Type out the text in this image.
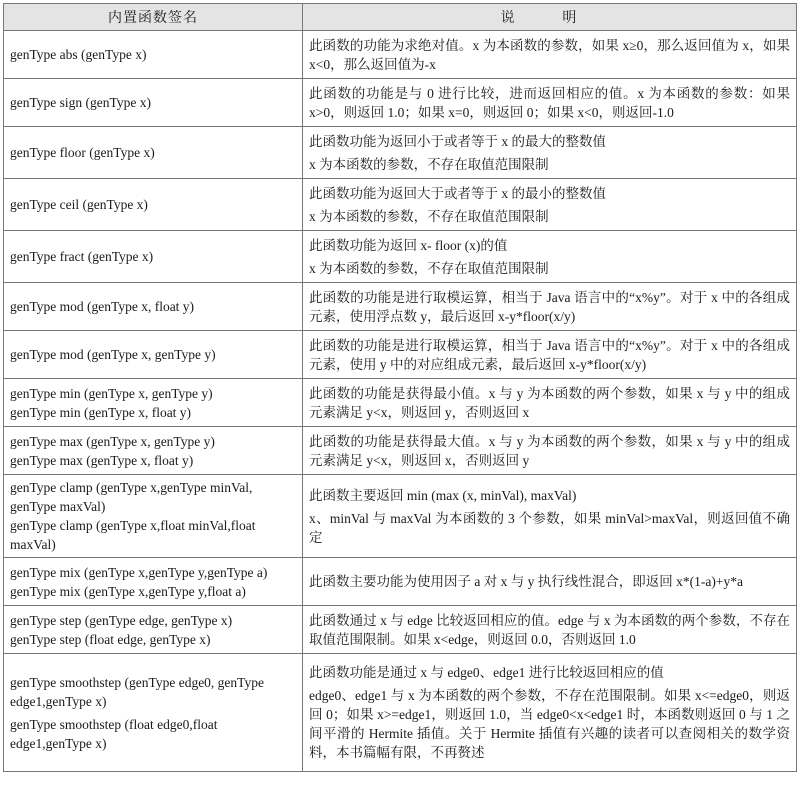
内置函数签名	说 明

genType abs (genType x)	此函数的功能为求绝对值。x 为本函数的参数，如果 x≥0，那么返回值为 x，如果 x<0，那么返回值为-x

genType sign (genType x)	此函数的功能是与 0 进行比较，进而返回相应的值。x 为本函数的参数：如果 x>0，则返回 1.0；如果 x=0，则返回 0；如果 x<0，则返回-1.0

genType floor (genType x)	此函数功能为返回小于或者等于 x 的最大的整数值
x 为本函数的参数，不存在取值范围限制

genType ceil (genType x)	此函数功能为返回大于或者等于 x 的最小的整数值
x 为本函数的参数，不存在取值范围限制

genType fract (genType x)	此函数功能为返回 x- floor (x)的值
x 为本函数的参数，不存在取值范围限制

genType mod (genType x, float y)	此函数的功能是进行取模运算，相当于 Java 语言中的“x%y”。对于 x 中的各组成元素，使用浮点数 y，最后返回 x-y*floor(x/y)

genType mod (genType x, genType y)	此函数的功能是进行取模运算，相当于 Java 语言中的“x%y”。对于 x 中的各组成元素，使用 y 中的对应组成元素，最后返回 x-y*floor(x/y)

genType min (genType x, genType y)
genType min (genType x, float y)	此函数的功能是获得最小值。x 与 y 为本函数的两个参数，如果 x 与 y 中的组成元素满足 y<x，则返回 y，否则返回 x

genType max (genType x, genType y)
genType max (genType x, float y)	此函数的功能是获得最大值。x 与 y 为本函数的两个参数，如果 x 与 y 中的组成元素满足 y<x，则返回 x，否则返回 y

genType clamp (genType x,genType minVal, genType maxVal)
genType clamp (genType x,float minVal,float maxVal)	此函数主要返回 min (max (x, minVal), maxVal)
x、minVal 与 maxVal 为本函数的 3 个参数，如果 minVal>maxVal，则返回值不确定

genType mix (genType x,genType y,genType a)
genType mix (genType x,genType y,float a)	此函数主要功能为使用因子 a 对 x 与 y 执行线性混合，即返回 x*(1-a)+y*a

genType step (genType edge, genType x)
genType step (float edge, genType x)	此函数通过 x 与 edge 比较返回相应的值。edge 与 x 为本函数的两个参数，不存在取值范围限制。如果 x<edge，则返回 0.0，否则返回 1.0

genType smoothstep (genType edge0, genType edge1,genType x)
genType smoothstep (float edge0,float edge1,genType x)	此函数功能是通过 x 与 edge0、edge1 进行比较返回相应的值
edge0、edge1 与 x 为本函数的两个参数，不存在范围限制。如果 x<=edge0，则返回 0；如果 x>=edge1，则返回 1.0，当 edge0<x<edge1 时，本函数则返回 0 与 1 之间平滑的 Hermite 插值。关于 Hermite 插值有兴趣的读者可以查阅相关的数学资料，本书篇幅有限，不再赘述
